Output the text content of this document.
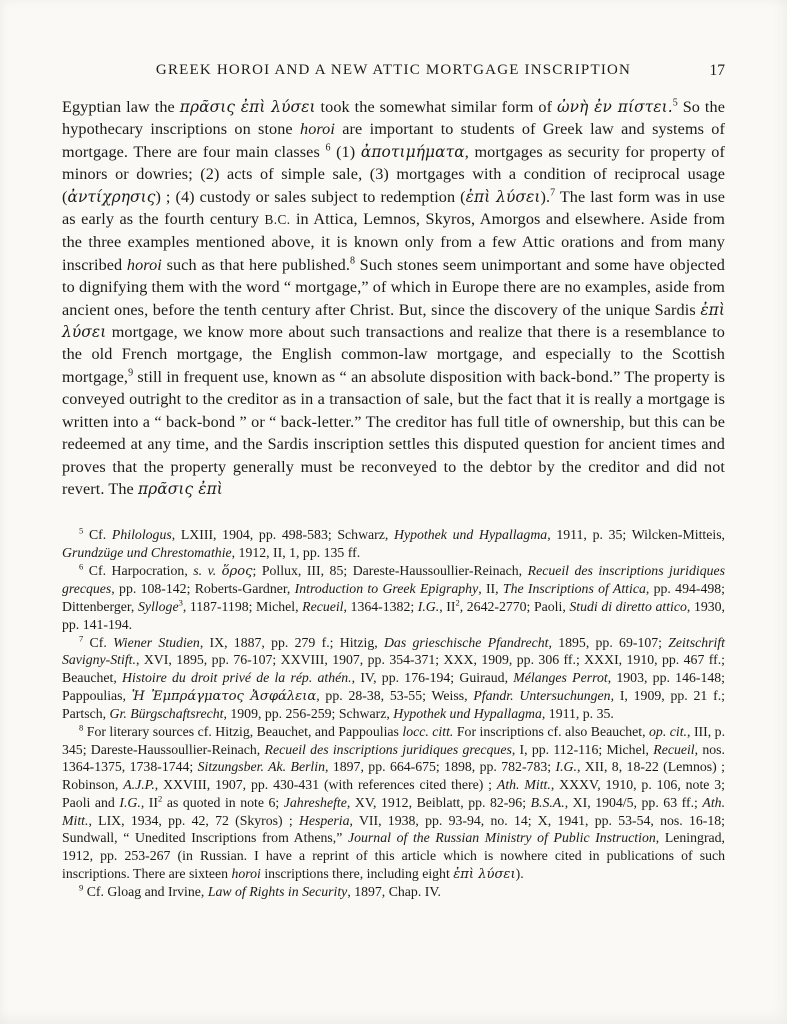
GREEK HOROI AND A NEW ATTIC MORTGAGE INSCRIPTION	17

Egyptian law the πρᾶσις ἐπὶ λύσει took the somewhat similar form of ὠνὴ ἐν πίστει.$^5$ So the hypothecary inscriptions on stone horoi are important to students of Greek law and systems of mortgage. There are four main classes $^6$ (1) ἀποτιμήματα, mortgages as security for property of minors or dowries; (2) acts of simple sale, (3) mortgages with a condition of reciprocal usage (ἀντίχρησις) ; (4) custody or sales subject to redemption (ἐπὶ λύσει).$^7$ The last form was in use as early as the fourth century B.C. in Attica, Lemnos, Skyros, Amorgos and elsewhere. Aside from the three examples mentioned above, it is known only from a few Attic orations and from many inscribed horoi such as that here published.$^8$ Such stones seem unimportant and some have objected to dignifying them with the word “ mortgage,” of which in Europe there are no examples, aside from ancient ones, before the tenth century after Christ. But, since the discovery of the unique Sardis ἐπὶ λύσει mortgage, we know more about such transactions and realize that there is a resemblance to the old French mortgage, the English common-law mortgage, and especially to the Scottish mortgage,$^9$ still in frequent use, known as “ an absolute disposition with back-bond.” The property is conveyed outright to the creditor as in a transaction of sale, but the fact that it is really a mortgage is written into a “ back-bond ” or “ back-letter.” The creditor has full title of ownership, but this can be redeemed at any time, and the Sardis inscription settles this disputed question for ancient times and proves that the property generally must be reconveyed to the debtor by the creditor and did not revert. The πρᾶσις ἐπὶ

$^5$ Cf. Philologus, LXIII, 1904, pp. 498-583; Schwarz, Hypothek und Hypallagma, 1911, p. 35; Wilcken-Mitteis, Grundzüge und Chrestomathie, 1912, II, 1, pp. 135 ff.

$^6$ Cf. Harpocration, s. v. ὅρος; Pollux, III, 85; Dareste-Haussoullier-Reinach, Recueil des inscriptions juridiques grecques, pp. 108-142; Roberts-Gardner, Introduction to Greek Epigraphy, II, The Inscriptions of Attica, pp. 494-498; Dittenberger, Sylloge$^3$, 1187-1198; Michel, Recueil, 1364-1382; I.G., $II^2$, 2642-2770; Paoli, Studi di diretto attico, 1930, pp. 141-194.

$^7$ Cf. Wiener Studien, IX, 1887, pp. 279 f.; Hitzig, Das grieschische Pfandrecht, 1895, pp. 69-107; Zeitschrift Savigny-Stift., XVI, 1895, pp. 76-107; XXVIII, 1907, pp. 354-371; XXX, 1909, pp. 306 ff.; XXXI, 1910, pp. 467 ff.; Beauchet, Histoire du droit privé de la rép. athén., IV, pp. 176-194; Guiraud, Mélanges Perrot, 1903, pp. 146-148; Pappoulias, Ἡ Ἐμπράγματος Ἀσφάλεια, pp. 28-38, 53-55; Weiss, Pfandr. Untersuchungen, I, 1909, pp. 21 f.; Partsch, Gr. Bürgschaftsrecht, 1909, pp. 256-259; Schwarz, Hypothek und Hypallagma, 1911, p. 35.

$^8$ For literary sources cf. Hitzig, Beauchet, and Pappoulias locc. citt. For inscriptions cf. also Beauchet, op. cit., III, p. 345; Dareste-Haussoullier-Reinach, Recueil des inscriptions juridiques grecques, I, pp. 112-116; Michel, Recueil, nos. 1364-1375, 1738-1744; Sitzungsber. Ak. Berlin, 1897, pp. 664-675; 1898, pp. 782-783; I.G., XII, 8, 18-22 (Lemnos) ; Robinson, A.J.P., XXVIII, 1907, pp. 430-431 (with references cited there) ; Ath. Mitt., XXXV, 1910, p. 106, note 3; Paoli and I.G., $II^2$ as quoted in note 6; Jahreshefte, XV, 1912, Beiblatt, pp. 82-96; B.S.A., XI, 1904/5, pp. 63 ff.; Ath. Mitt., LIX, 1934, pp. 42, 72 (Skyros) ; Hesperia, VII, 1938, pp. 93-94, no. 14; X, 1941, pp. 53-54, nos. 16-18; Sundwall, “ Unedited Inscriptions from Athens,” Journal of the Russian Ministry of Public Instruction, Leningrad, 1912, pp. 253-267 (in Russian. I have a reprint of this article which is nowhere cited in publications of such inscriptions. There are sixteen horoi inscriptions there, including eight ἐπὶ λύσει).

$^9$ Cf. Gloag and Irvine, Law of Rights in Security, 1897, Chap. IV.
